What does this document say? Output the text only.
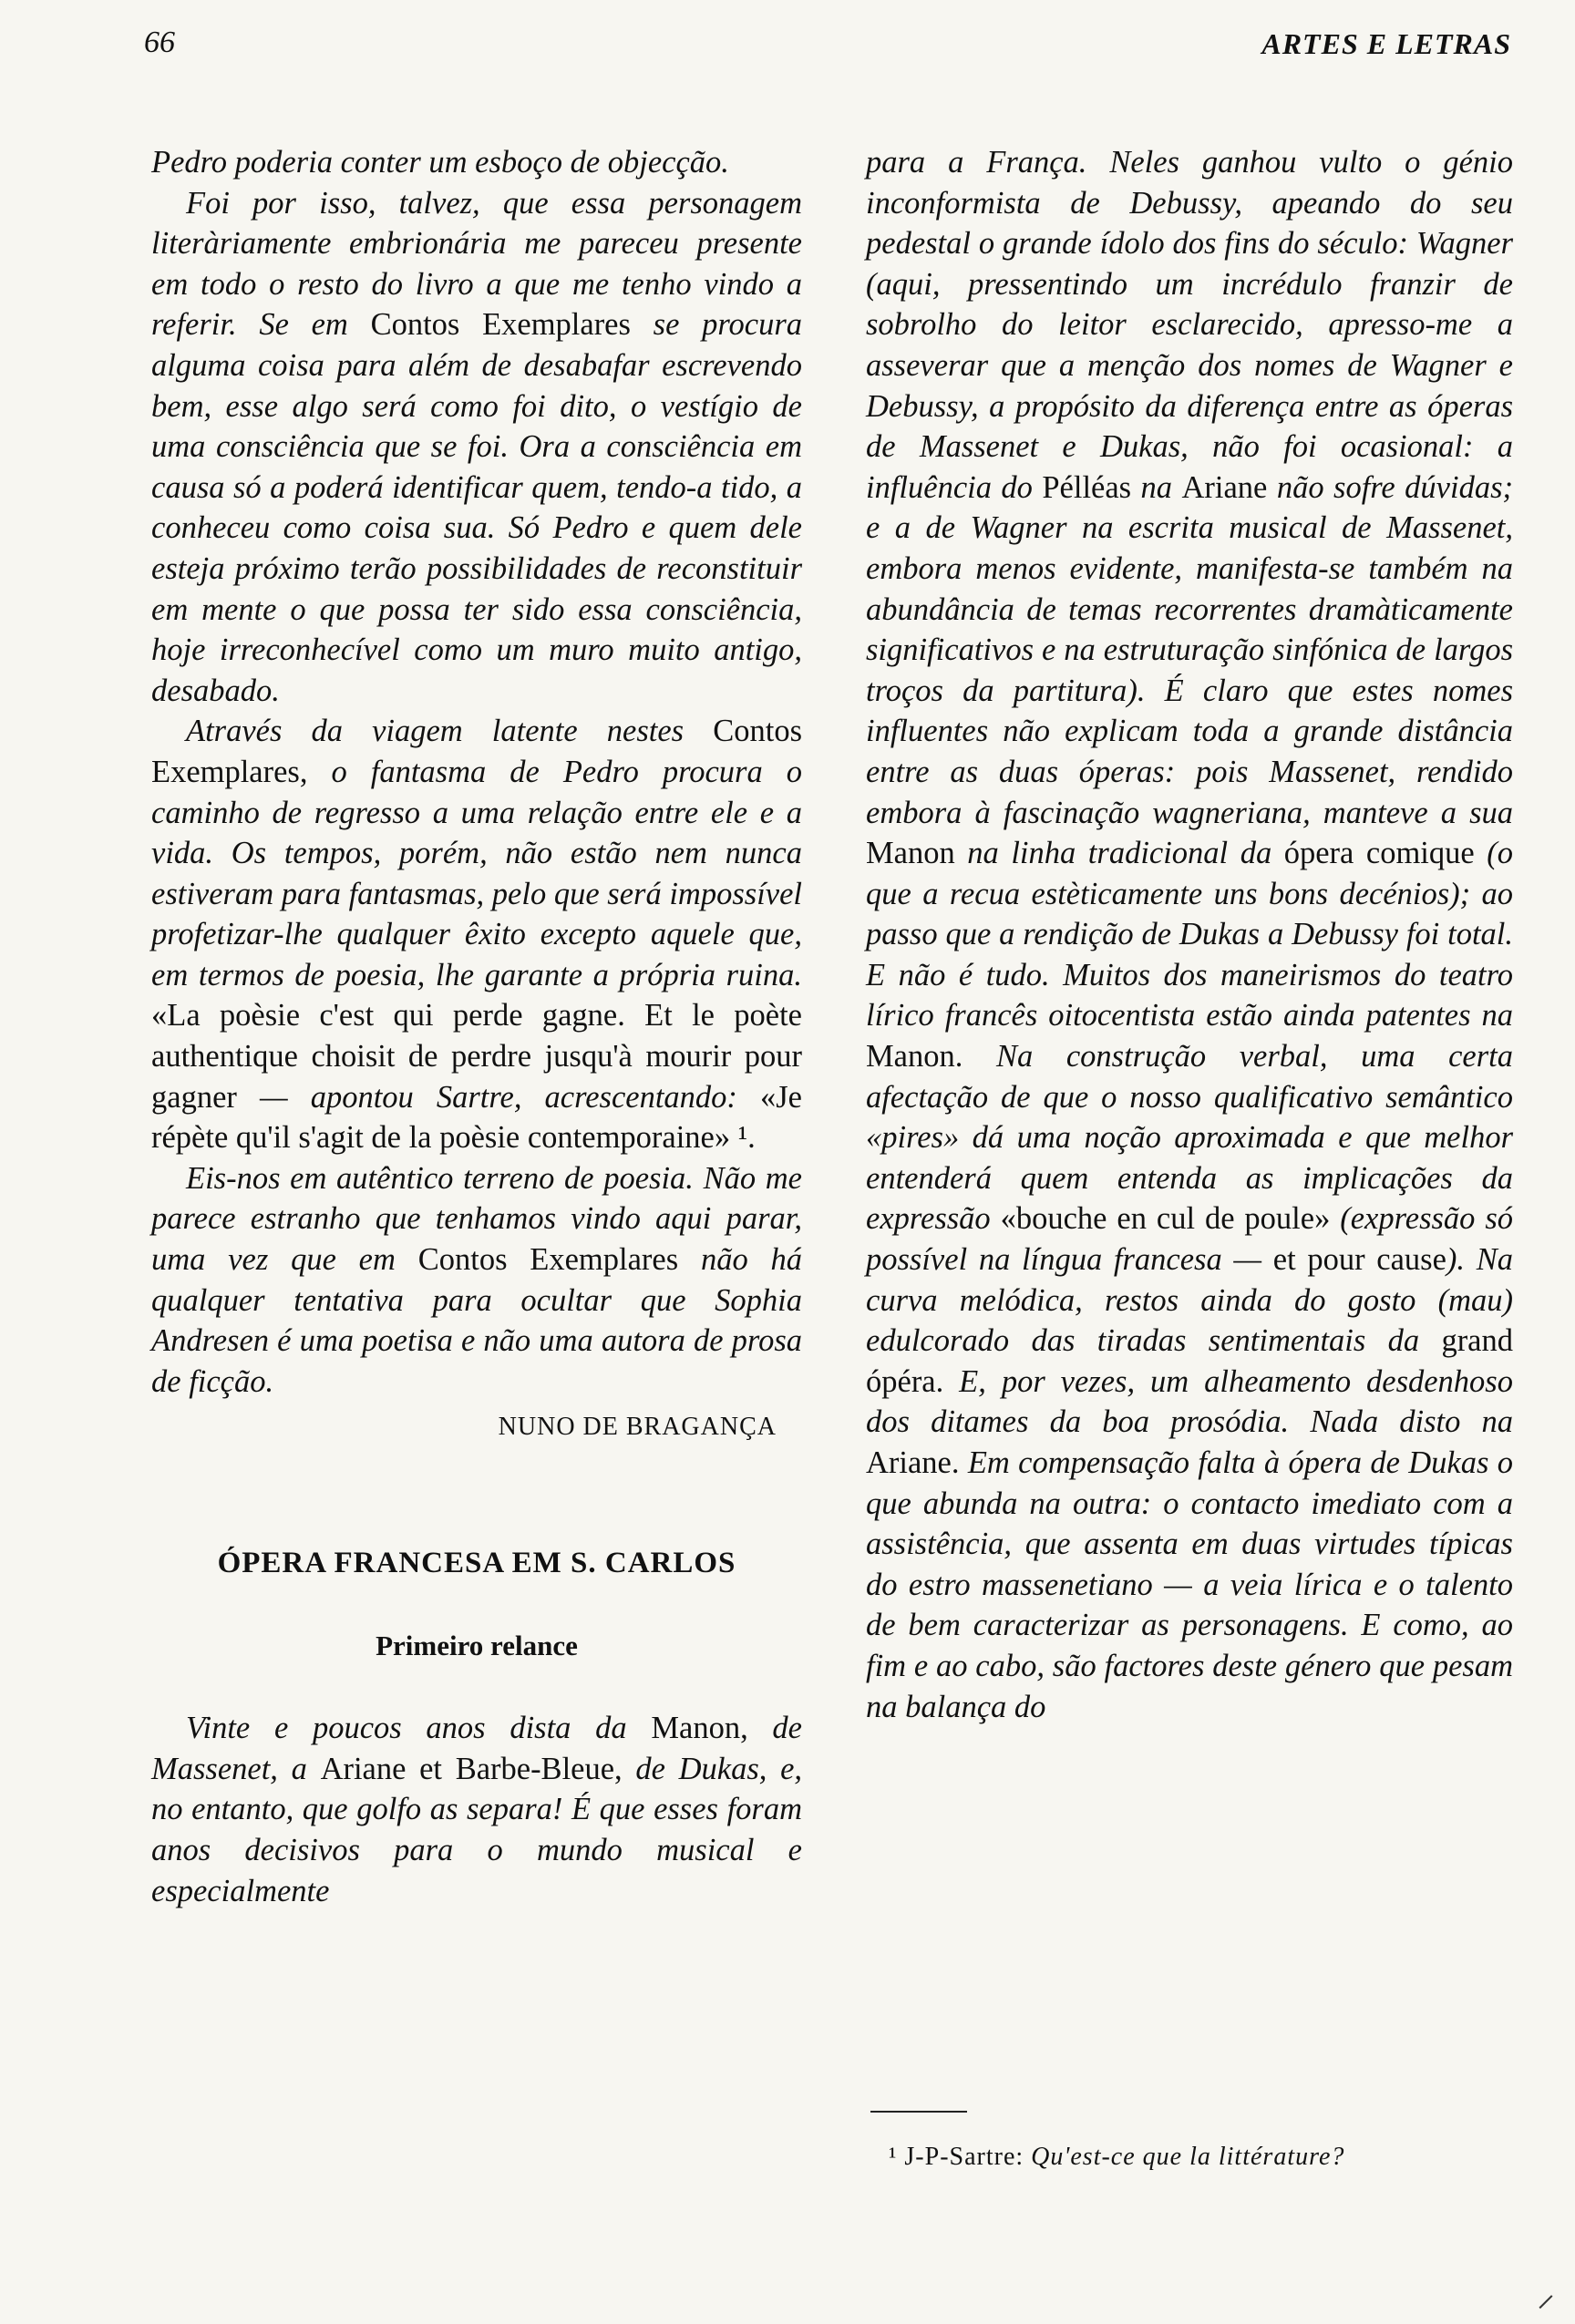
66	ARTES E LETRAS

Pedro poderia conter um esboço de objecção.

Foi por isso, talvez, que essa personagem literàriamente embrionária me pareceu presente em todo o resto do livro a que me tenho vindo a referir. Se em Contos Exemplares se procura alguma coisa para além de desabafar escrevendo bem, esse algo será como foi dito, o vestígio de uma consciência que se foi. Ora a consciência em causa só a poderá identificar quem, tendo-a tido, a conheceu como coisa sua. Só Pedro e quem dele esteja próximo terão possibilidades de reconstituir em mente o que possa ter sido essa consciência, hoje irreconhecível como um muro muito antigo, desabado.

Através da viagem latente nestes Contos Exemplares, o fantasma de Pedro procura o caminho de regresso a uma relação entre ele e a vida. Os tempos, porém, não estão nem nunca estiveram para fantasmas, pelo que será impossível profetizar-lhe qualquer êxito excepto aquele que, em termos de poesia, lhe garante a própria ruina. «La poèsie c'est qui perde gagne. Et le poète authentique choisit de perdre jusqu'à mourir pour gagner — apontou Sartre, acrescentando: «Je répète qu'il s'agit de la poèsie contemporaine» ¹.

Eis-nos em autêntico terreno de poesia. Não me parece estranho que tenhamos vindo aqui parar, uma vez que em Contos Exemplares não há qualquer tentativa para ocultar que Sophia Andresen é uma poetisa e não uma autora de prosa de ficção.

NUNO DE BRAGANÇA
ÓPERA FRANCESA EM S. CARLOS
Primeiro relance

Vinte e poucos anos dista da Manon, de Massenet, a Ariane et Barbe-Bleue, de Dukas, e, no entanto, que golfo as separa! É que esses foram anos decisivos para o mundo musical e especialmente

para a França. Neles ganhou vulto o génio inconformista de Debussy, apeando do seu pedestal o grande ídolo dos fins do século: Wagner (aqui, pressentindo um incrédulo franzir de sobrolho do leitor esclarecido, apresso-me a asseverar que a menção dos nomes de Wagner e Debussy, a propósito da diferença entre as óperas de Massenet e Dukas, não foi ocasional: a influência do Pélléas na Ariane não sofre dúvidas; e a de Wagner na escrita musical de Massenet, embora menos evidente, manifesta-se também na abundância de temas recorrentes dramàticamente significativos e na estruturação sinfónica de largos troços da partitura). É claro que estes nomes influentes não explicam toda a grande distância entre as duas óperas: pois Massenet, rendido embora à fascinação wagneriana, manteve a sua Manon na linha tradicional da ópera comique (o que a recua estèticamente uns bons decénios); ao passo que a rendição de Dukas a Debussy foi total. E não é tudo. Muitos dos maneirismos do teatro lírico francês oitocentista estão ainda patentes na Manon. Na construção verbal, uma certa afectação de que o nosso qualificativo semântico «pires» dá uma noção aproximada e que melhor entenderá quem entenda as implicações da expressão «bouche en cul de poule» (expressão só possível na língua francesa — et pour cause). Na curva melódica, restos ainda do gosto (mau) edulcorado das tiradas sentimentais da grand ópéra. E, por vezes, um alheamento desdenhoso dos ditames da boa prosódia. Nada disto na Ariane. Em compensação falta à ópera de Dukas o que abunda na outra: o contacto imediato com a assistência, que assenta em duas virtudes típicas do estro massenetiano — a veia lírica e o talento de bem caracterizar as personagens. E como, ao fim e ao cabo, são factores deste género que pesam na balança do

¹ J-P-Sartre: Qu'est-ce que la littérature?
⸝
